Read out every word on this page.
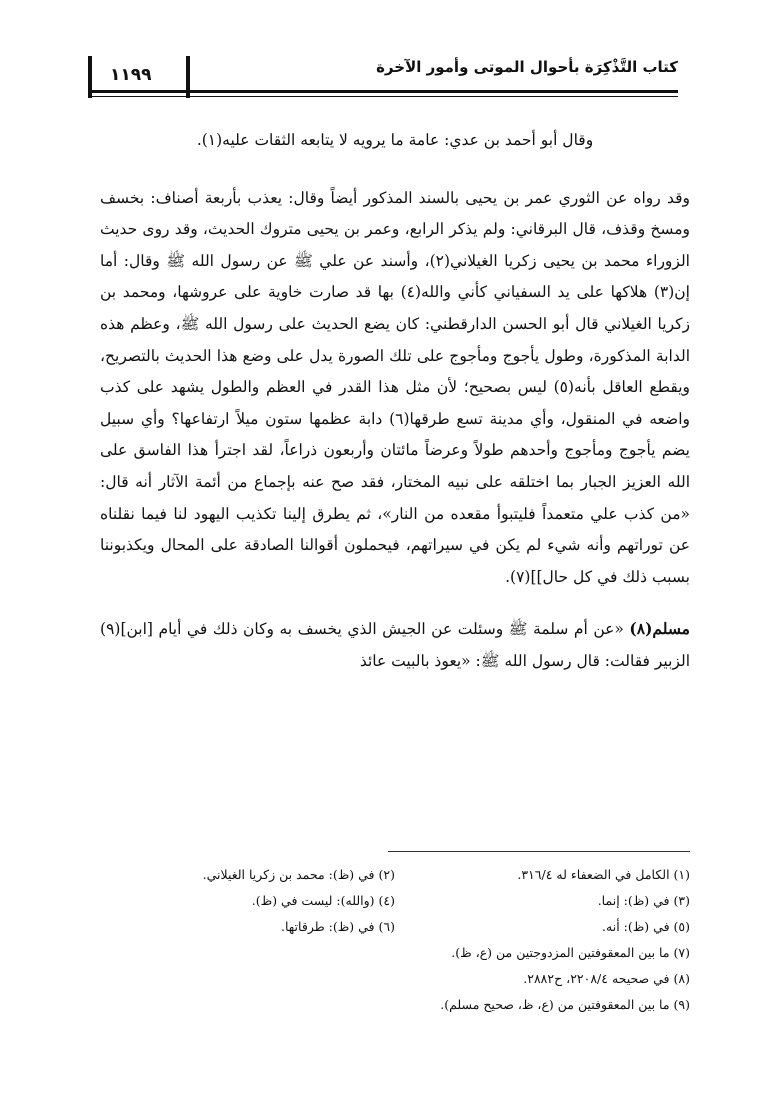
كتاب التَّذْكِرَة بأحوال الموتى وأمور الآخرة
١١٩٩

وقال أبو أحمد بن عدي: عامة ما يرويه لا يتابعه الثقات عليه(١).

وقد رواه عن الثوري عمر بن يحيى بالسند المذكور أيضاً وقال: يعذب بأربعة أصناف: بخسف ومسخ وقذف، قال البرقاني: ولم يذكر الرابع، وعمر بن يحيى متروك الحديث، وقد روى حديث الزوراء محمد بن يحيى زكريا الغيلاني(٢)، وأسند عن علي ﷺ عن رسول الله ﷺ وقال: أما إن(٣) هلاكها على يد السفياني كأني والله(٤) بها قد صارت خاوية على عروشها، ومحمد بن زكريا الغيلاني قال أبو الحسن الدارقطني: كان يضع الحديث على رسول الله ﷺ، وعظم هذه الدابة المذكورة، وطول يأجوج ومأجوج على تلك الصورة يدل على وضع هذا الحديث بالتصريح، ويقطع العاقل بأنه(٥) ليس بصحيح؛ لأن مثل هذا القدر في العظم والطول يشهد على كذب واضعه في المنقول، وأي مدينة تسع طرقها(٦) دابة عظمها ستون ميلاً ارتفاعها؟ وأي سبيل يضم يأجوج ومأجوج وأحدهم طولاً وعرضاً مائتان وأربعون ذراعاً، لقد اجترأ هذا الفاسق على الله العزيز الجبار بما اختلقه على نبيه المختار، فقد صح عنه بإجماع من أئمة الآثار أنه قال: «من كذب علي متعمداً فليتبوأ مقعده من النار»، ثم يطرق إلينا تكذيب اليهود لنا فيما نقلناه عن توراتهم وأنه شيء لم يكن في سيراتهم، فيحملون أقوالنا الصادقة على المحال ويكذبوننا بسبب ذلك في كل حال]](٧).

مسلم(٨) «عن أم سلمة ﷺ وسئلت عن الجيش الذي يخسف به وكان ذلك في أيام [ابن](٩) الزبير فقالت: قال رسول الله ﷺ: «يعوذ بالبيت عائذ

(١) الكامل في الضعفاء له ٣١٦/٤.
(٢) في (ظ): محمد بن زكريا الغيلاني.
(٣) في (ظ): إنما.
(٤) (والله): ليست في (ظ).
(٥) في (ظ): أنه.
(٦) في (ظ): طرقاتها.
(٧) ما بين المعقوفتين المزدوجتين من (ع، ظ).
(٨) في صحيحه ٢٢٠٨/٤، ح٢٨٨٢.
(٩) ما بين المعقوفتين من (ع، ظ، صحيح مسلم).
